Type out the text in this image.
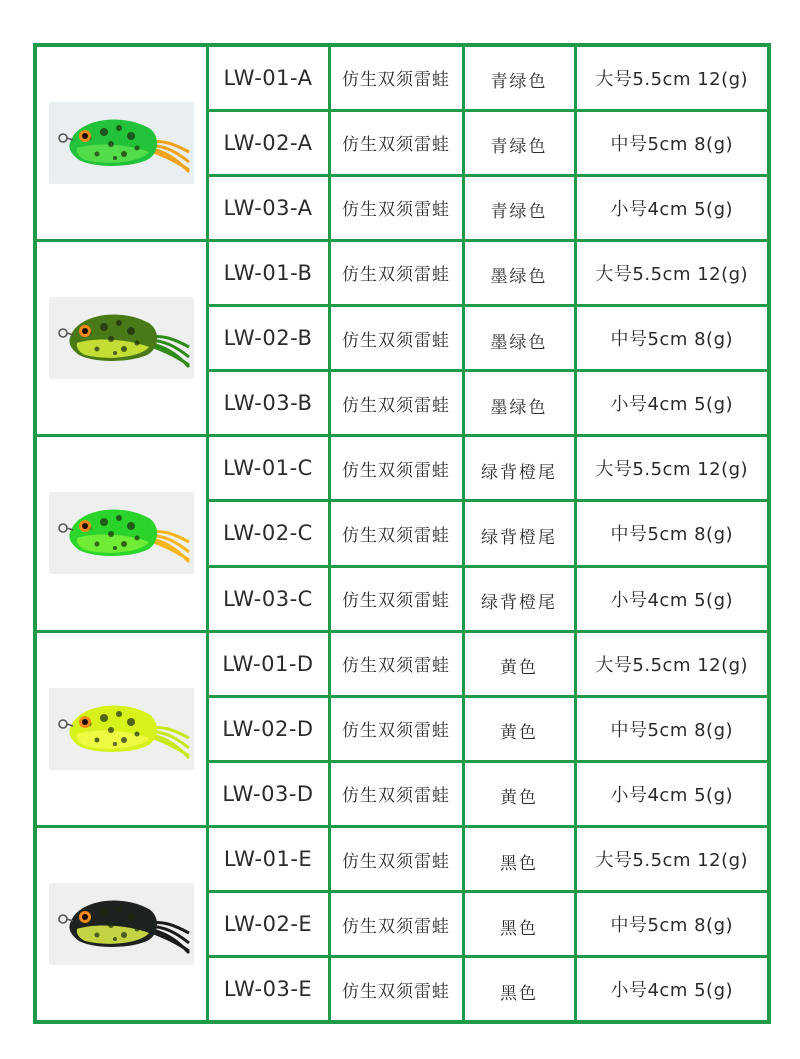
	LW-01-A	仿生双须雷蛙	青绿色	大号5.5cm 12(g)
	LW-02-A	仿生双须雷蛙	青绿色	中号5cm 8(g)
	LW-03-A	仿生双须雷蛙	青绿色	小号4cm 5(g)

	LW-01-B	仿生双须雷蛙	墨绿色	大号5.5cm 12(g)
	LW-02-B	仿生双须雷蛙	墨绿色	中号5cm 8(g)
	LW-03-B	仿生双须雷蛙	墨绿色	小号4cm 5(g)

	LW-01-C	仿生双须雷蛙	绿背橙尾	大号5.5cm 12(g)
	LW-02-C	仿生双须雷蛙	绿背橙尾	中号5cm 8(g)
	LW-03-C	仿生双须雷蛙	绿背橙尾	小号4cm 5(g)

	LW-01-D	仿生双须雷蛙	黄色	大号5.5cm 12(g)
	LW-02-D	仿生双须雷蛙	黄色	中号5cm 8(g)
	LW-03-D	仿生双须雷蛙	黄色	小号4cm 5(g)

	LW-01-E	仿生双须雷蛙	黑色	大号5.5cm 12(g)
	LW-02-E	仿生双须雷蛙	黑色	中号5cm 8(g)
	LW-03-E	仿生双须雷蛙	黑色	小号4cm 5(g)
